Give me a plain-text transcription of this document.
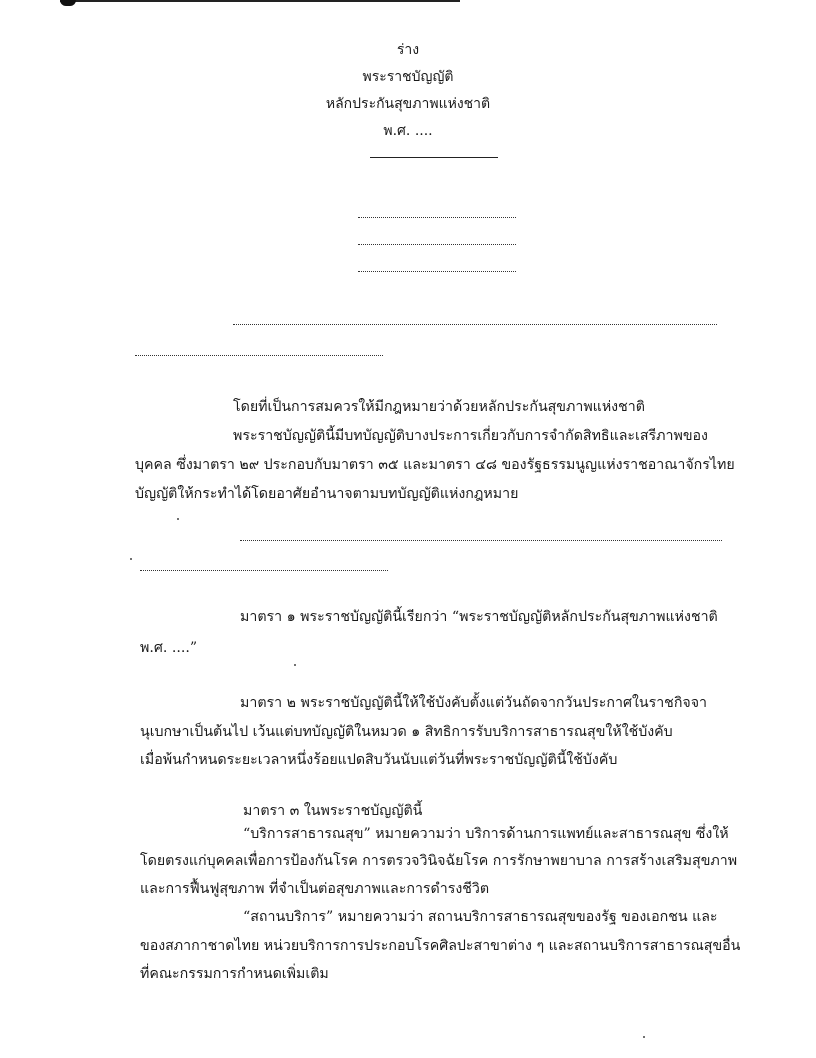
ร่าง
พระราชบัญญัติ
หลักประกันสุขภาพแห่งชาติ
พ.ศ. ....
โดยที่เป็นการสมควรให้มีกฎหมายว่าด้วยหลักประกันสุขภาพแห่งชาติ
พระราชบัญญัตินี้มีบทบัญญัติบางประการเกี่ยวกับการจำกัดสิทธิและเสรีภาพของ
บุคคล ซึ่งมาตรา ๒๙ ประกอบกับมาตรา ๓๕ และมาตรา ๔๘ ของรัฐธรรมนูญแห่งราชอาณาจักรไทย
บัญญัติให้กระทำได้โดยอาศัยอำนาจตามบทบัญญัติแห่งกฎหมาย
มาตรา ๑ พระราชบัญญัตินี้เรียกว่า “พระราชบัญญัติหลักประกันสุขภาพแห่งชาติ
พ.ศ. ....”
มาตรา ๒ พระราชบัญญัตินี้ให้ใช้บังคับตั้งแต่วันถัดจากวันประกาศในราชกิจจา
นุเบกษาเป็นต้นไป เว้นแต่บทบัญญัติในหมวด ๑ สิทธิการรับบริการสาธารณสุขให้ใช้บังคับ
เมื่อพ้นกำหนดระยะเวลาหนึ่งร้อยแปดสิบวันนับแต่วันที่พระราชบัญญัตินี้ใช้บังคับ
มาตรา ๓ ในพระราชบัญญัตินี้
“บริการสาธารณสุข” หมายความว่า บริการด้านการแพทย์และสาธารณสุข ซึ่งให้
โดยตรงแก่บุคคลเพื่อการป้องกันโรค การตรวจวินิจฉัยโรค การรักษาพยาบาล การสร้างเสริมสุขภาพ
และการฟื้นฟูสุขภาพ ที่จำเป็นต่อสุขภาพและการดำรงชีวิต
“สถานบริการ” หมายความว่า สถานบริการสาธารณสุขของรัฐ ของเอกชน และ
ของสภากาชาดไทย หน่วยบริการการประกอบโรคศิลปะสาขาต่าง ๆ และสถานบริการสาธารณสุขอื่น
ที่คณะกรรมการกำหนดเพิ่มเติม
